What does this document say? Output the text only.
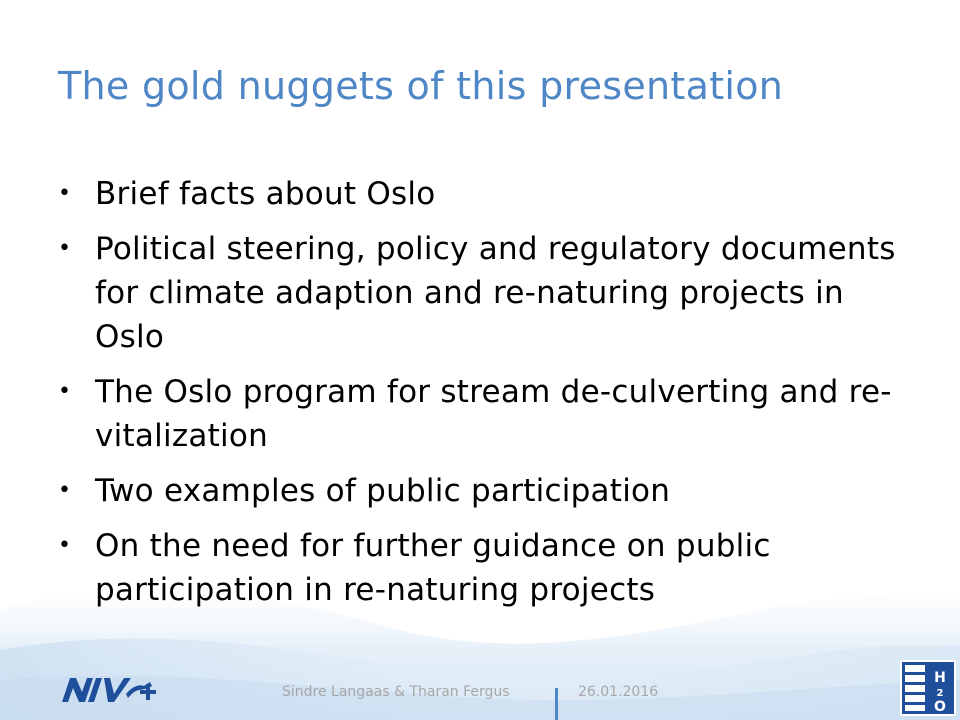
The gold nuggets of this presentation
• Brief facts about Oslo
• Political steering, policy and regulatory documents for climate adaption and re-naturing projects in Oslo
• The Oslo program for stream de-culverting and re-vitalization
• Two examples of public participation
• On the need for further guidance on public participation in re-naturing projects
Sindre Langaas & Tharan Fergus	26.01.2016
H
2
O
